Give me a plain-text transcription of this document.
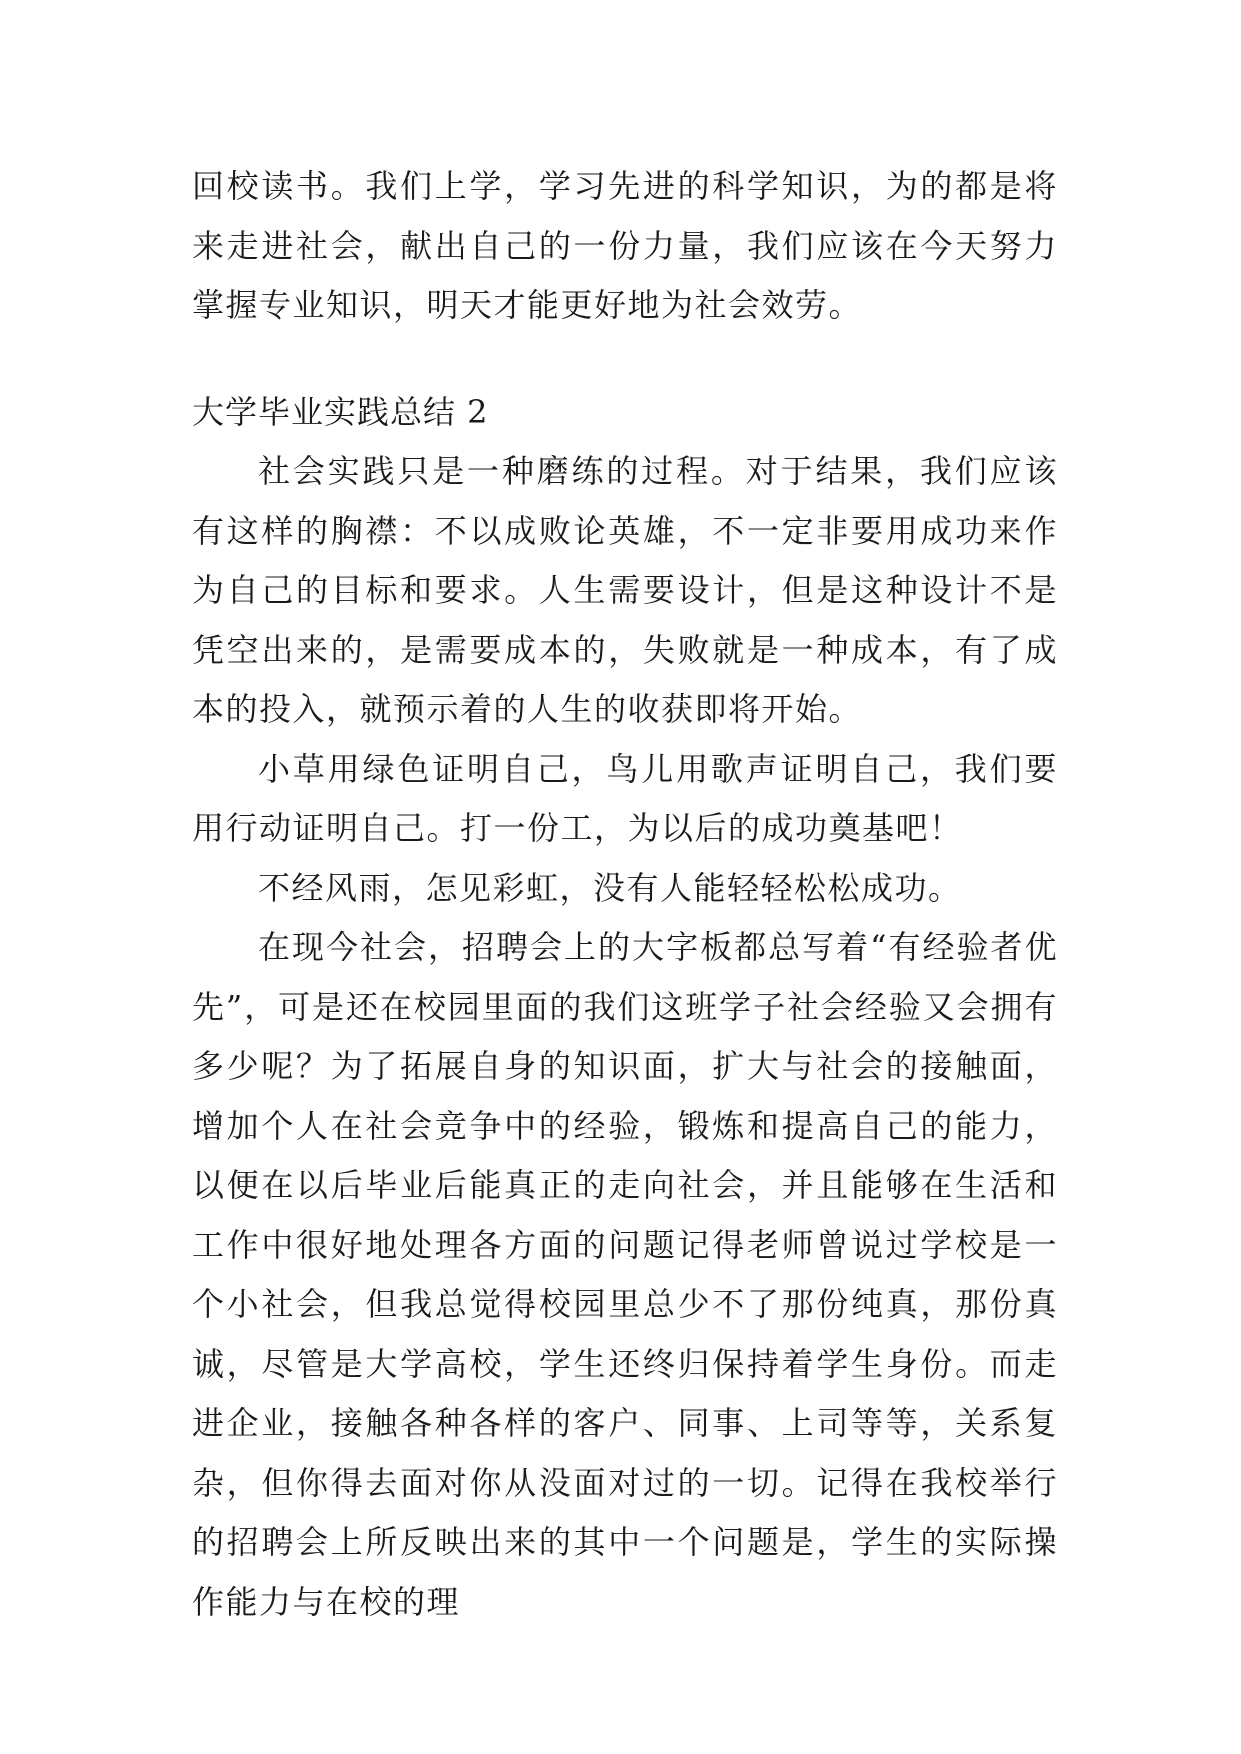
回校读书。我们上学，学习先进的科学知识，为的都是将来走进社会，献出自己的一份力量，我们应该在今天努力掌握专业知识，明天才能更好地为社会效劳。

大学毕业实践总结 2

社会实践只是一种磨练的过程。对于结果，我们应该有这样的胸襟：不以成败论英雄，不一定非要用成功来作为自己的目标和要求。人生需要设计，但是这种设计不是凭空出来的，是需要成本的，失败就是一种成本，有了成本的投入，就预示着的人生的收获即将开始。

小草用绿色证明自己，鸟儿用歌声证明自己，我们要用行动证明自己。打一份工，为以后的成功奠基吧！

不经风雨，怎见彩虹，没有人能轻轻松松成功。

在现今社会，招聘会上的大字板都总写着“有经验者优先”，可是还在校园里面的我们这班学子社会经验又会拥有多少呢？为了拓展自身的知识面，扩大与社会的接触面，增加个人在社会竞争中的经验，锻炼和提高自己的能力，以便在以后毕业后能真正的走向社会，并且能够在生活和工作中很好地处理各方面的问题记得老师曾说过学校是一个小社会，但我总觉得校园里总少不了那份纯真，那份真诚，尽管是大学高校，学生还终归保持着学生身份。而走进企业，接触各种各样的客户、同事、上司等等，关系复杂，但你得去面对你从没面对过的一切。记得在我校举行的招聘会上所反映出来的其中一个问题是，学生的实际操作能力与在校的理
